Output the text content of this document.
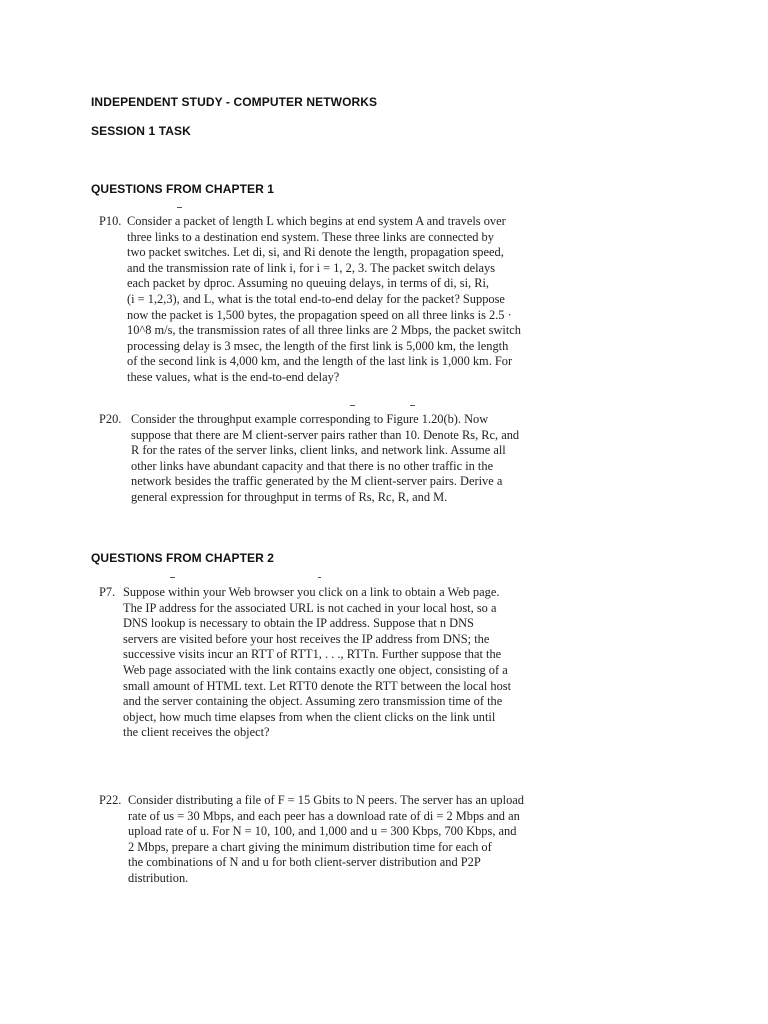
INDEPENDENT STUDY - COMPUTER NETWORKS
SESSION 1 TASK
QUESTIONS FROM CHAPTER 1
P10. Consider a packet of length L which begins at end system A and travels over
three links to a destination end system. These three links are connected by
two packet switches. Let di, si, and Ri denote the length, propagation speed,
and the transmission rate of link i, for i = 1, 2, 3. The packet switch delays
each packet by dproc. Assuming no queuing delays, in terms of di, si, Ri,
(i = 1,2,3), and L, what is the total end-to-end delay for the packet? Suppose
now the packet is 1,500 bytes, the propagation speed on all three links is 2.5 ·
10^8 m/s, the transmission rates of all three links are 2 Mbps, the packet switch
processing delay is 3 msec, the length of the first link is 5,000 km, the length
of the second link is 4,000 km, and the length of the last link is 1,000 km. For
these values, what is the end-to-end delay?
P20. Consider the throughput example corresponding to Figure 1.20(b). Now
suppose that there are M client-server pairs rather than 10. Denote Rs, Rc, and
R for the rates of the server links, client links, and network link. Assume all
other links have abundant capacity and that there is no other traffic in the
network besides the traffic generated by the M client-server pairs. Derive a
general expression for throughput in terms of Rs, Rc, R, and M.
QUESTIONS FROM CHAPTER 2
P7. Suppose within your Web browser you click on a link to obtain a Web page.
The IP address for the associated URL is not cached in your local host, so a
DNS lookup is necessary to obtain the IP address. Suppose that n DNS
servers are visited before your host receives the IP address from DNS; the
successive visits incur an RTT of RTT1, . . ., RTTn. Further suppose that the
Web page associated with the link contains exactly one object, consisting of a
small amount of HTML text. Let RTT0 denote the RTT between the local host
and the server containing the object. Assuming zero transmission time of the
object, how much time elapses from when the client clicks on the link until
the client receives the object?
P22. Consider distributing a file of F = 15 Gbits to N peers. The server has an upload
rate of us = 30 Mbps, and each peer has a download rate of di = 2 Mbps and an
upload rate of u. For N = 10, 100, and 1,000 and u = 300 Kbps, 700 Kbps, and
2 Mbps, prepare a chart giving the minimum distribution time for each of
the combinations of N and u for both client-server distribution and P2P
distribution.
